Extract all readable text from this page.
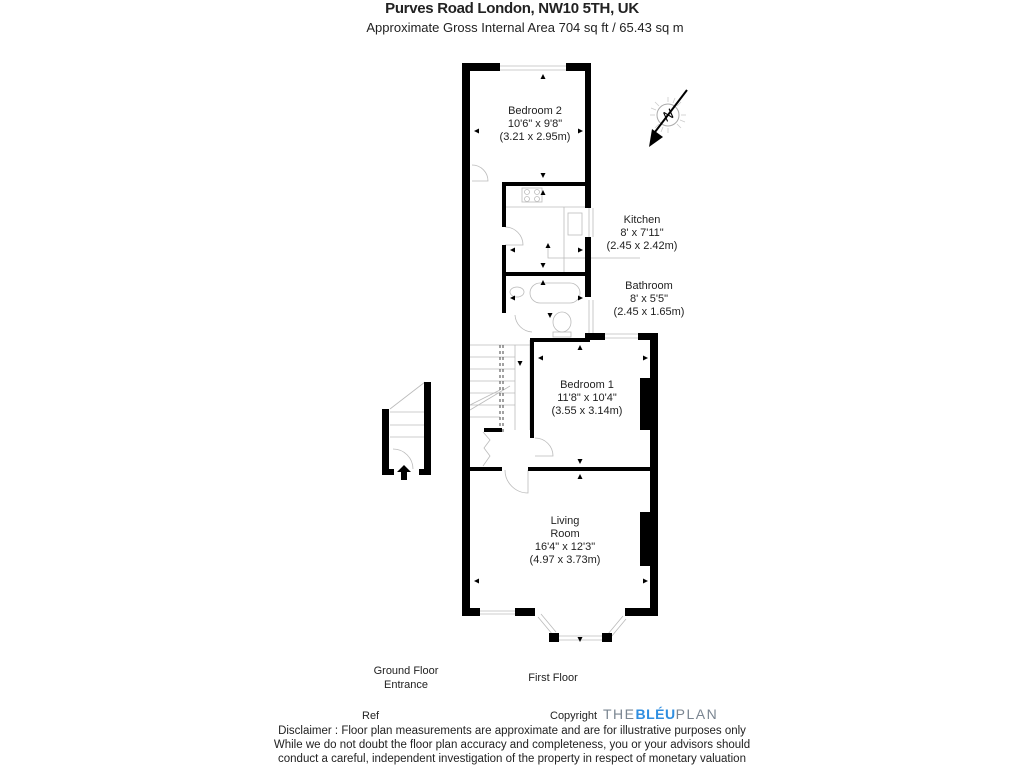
Purves Road London, NW10 5TH, UK
Approximate Gross Internal Area 704 sq ft / 65.43 sq m
N
Bedroom 2
10'6" x 9'8"
(3.21 x 2.95m)
Kitchen
8' x 7'11"
(2.45 x 2.42m)
Bathroom
8' x 5'5"
(2.45 x 1.65m)
Bedroom 1
11'8" x 10'4"
(3.55 x 3.14m)
Living
Room
16'4" x 12'3"
(4.97 x 3.73m)
Ground Floor
Entrance
First Floor
Ref	Copyright THEBLÉUPLAN
Disclaimer : Floor plan measurements are approximate and are for illustrative purposes only
While we do not doubt the floor plan accuracy and completeness, you or your advisors should
conduct a careful, independent investigation of the property in respect of monetary valuation
